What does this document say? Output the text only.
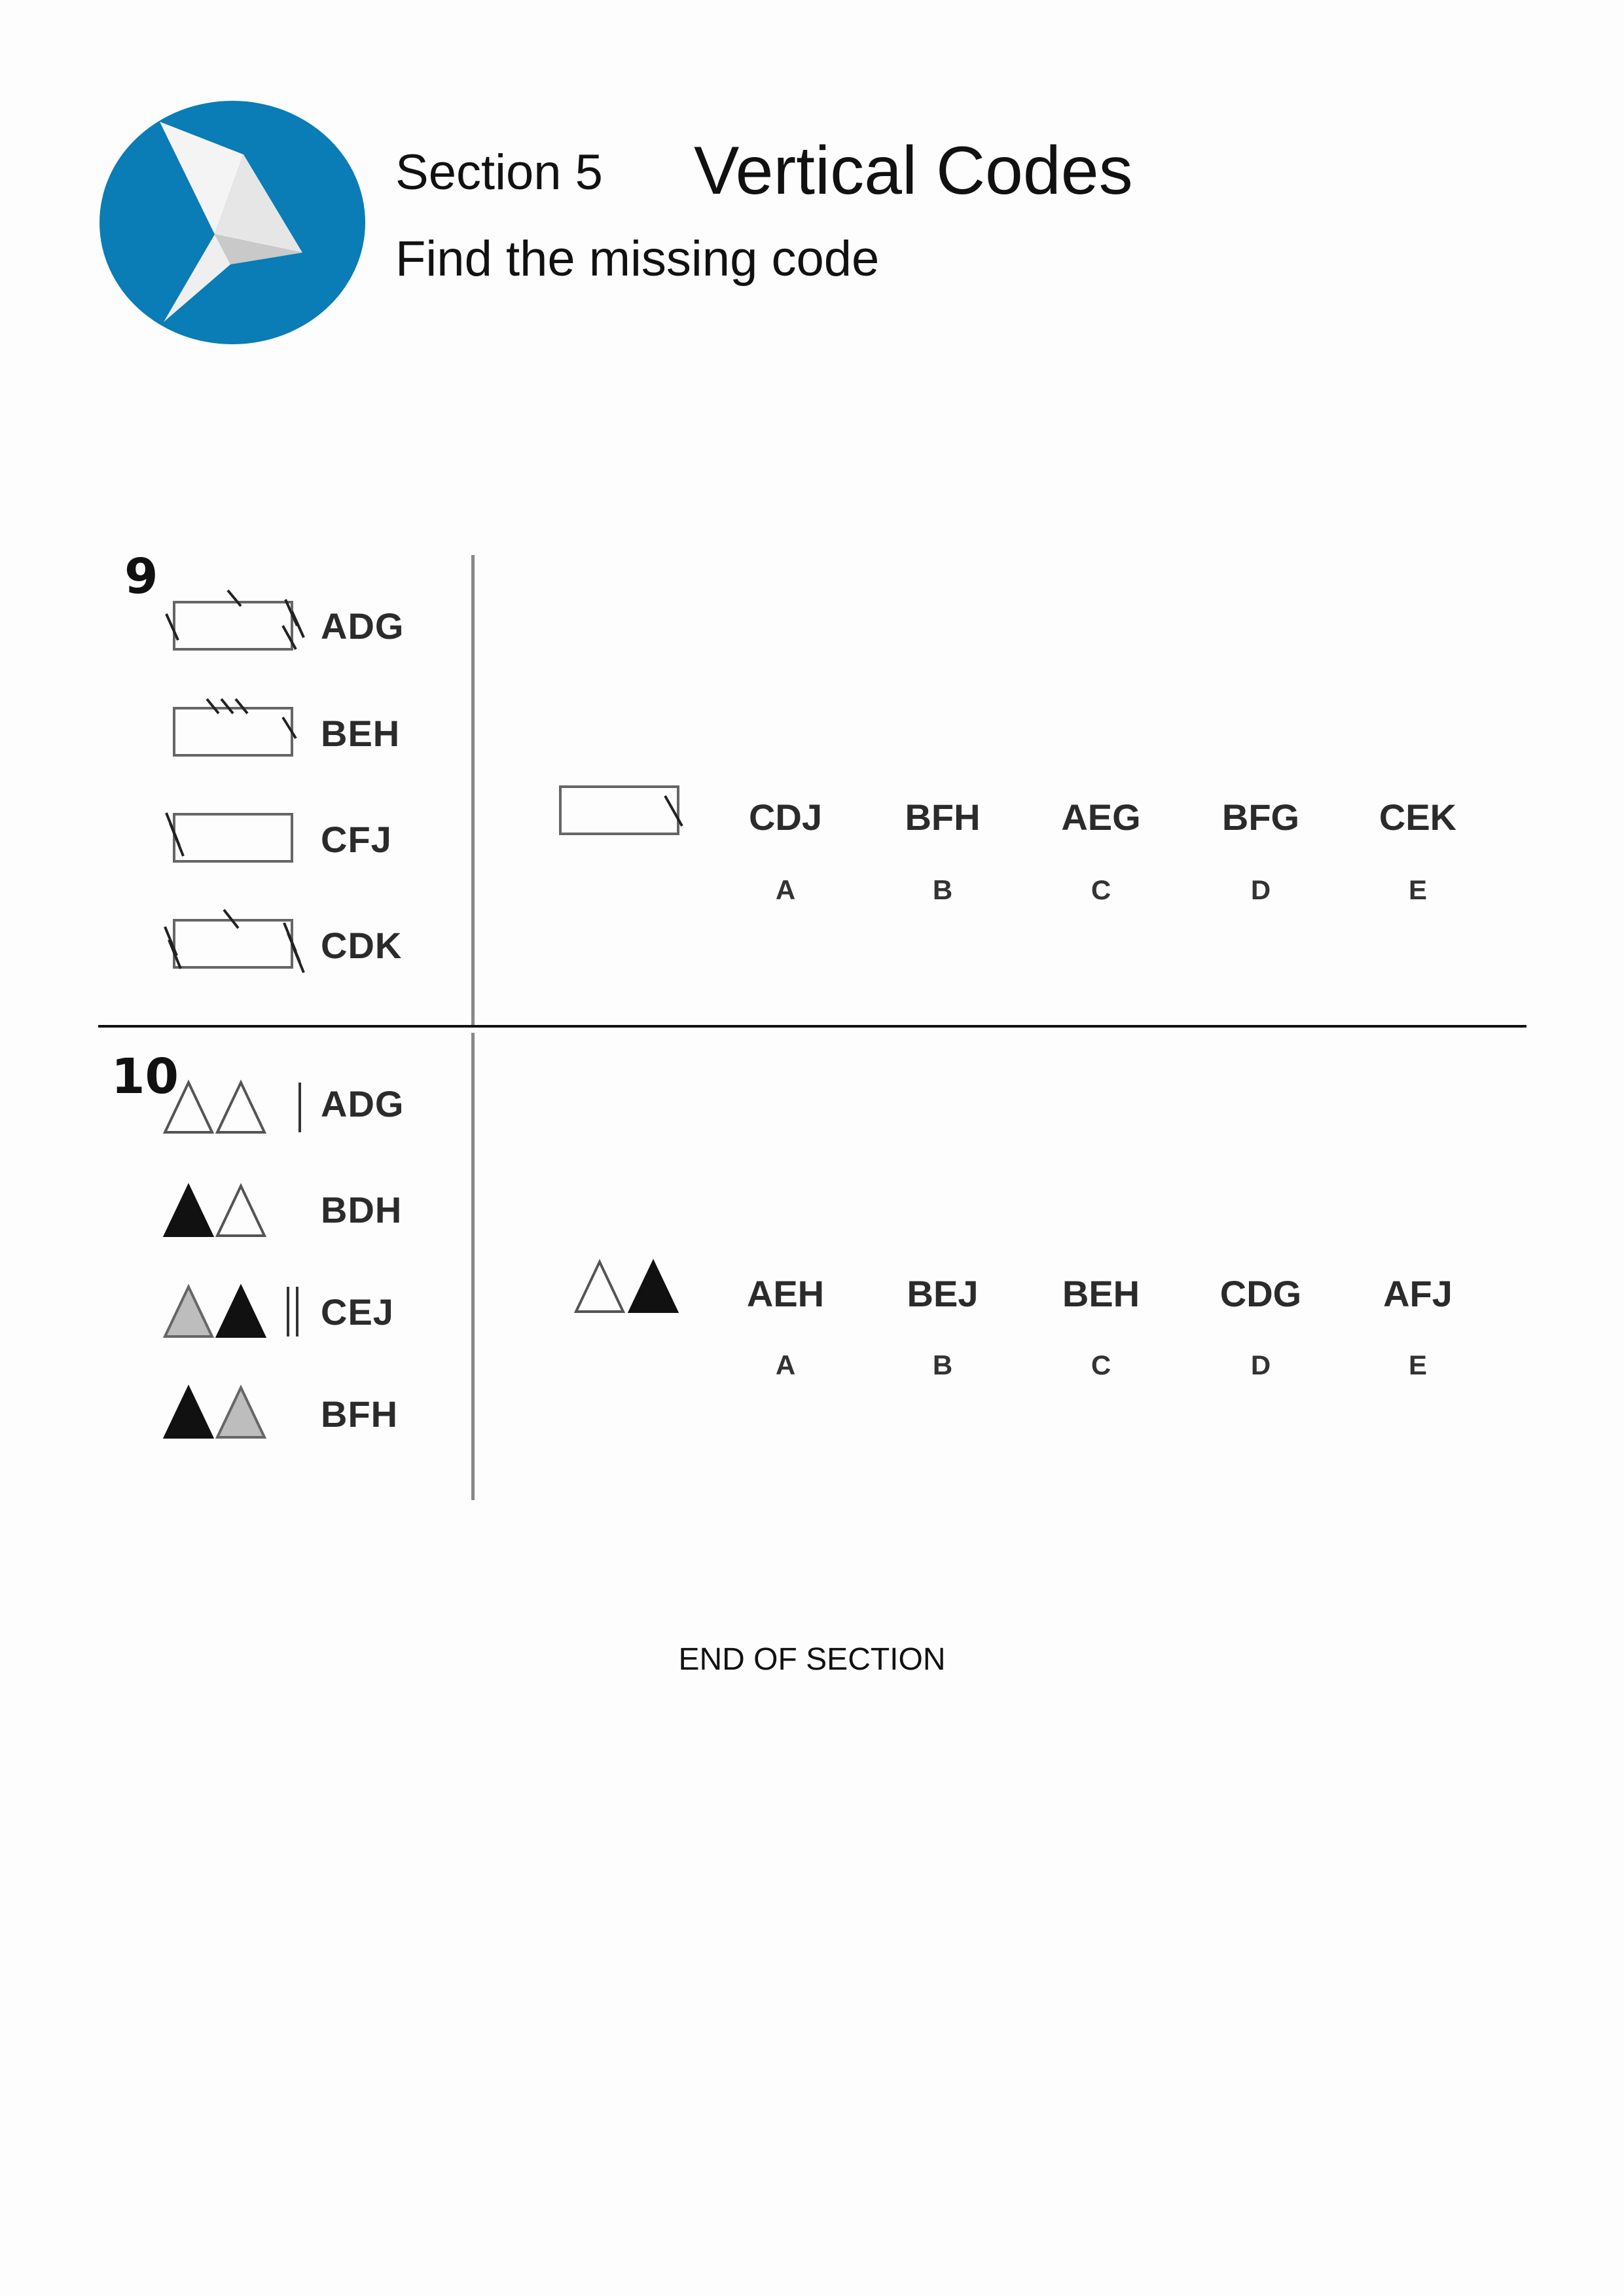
Section 5 Vertical Codes
Find the missing code
9
ADG
BEH
CFJ
CDK
CDJ	BFH	AEG	BFG	CEK
A	B	C	D	E
10	ADG
BDH
CEJ
BFH
AEH	BEJ	BEH	CDG	AFJ
A	B	C	D	E
END OF SECTION
